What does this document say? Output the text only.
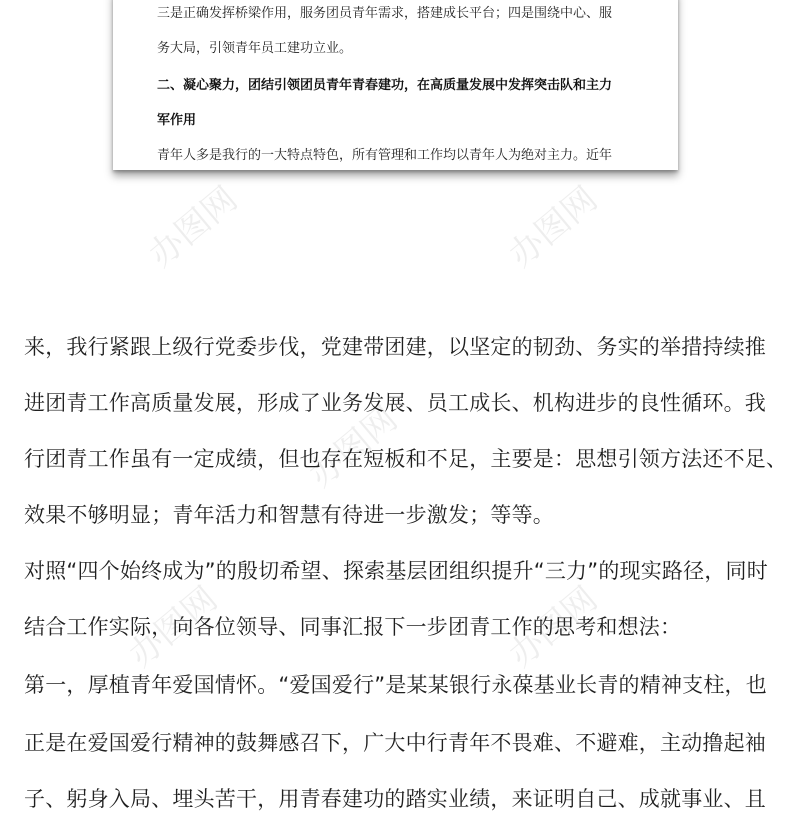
办图网	办图网
办图网
办图网	办图网
三是正确发挥桥梁作用，服务团员青年需求，搭建成长平台；四是围绕中心、服
务大局，引领青年员工建功立业。
二、凝心聚力，团结引领团员青年青春建功，在高质量发展中发挥突击队和主力
军作用
青年人多是我行的一大特点特色，所有管理和工作均以青年人为绝对主力。近年
来，我行紧跟上级行党委步伐，党建带团建，以坚定的韧劲、务实的举措持续推
进团青工作高质量发展，形成了业务发展、员工成长、机构进步的良性循环。我
行团青工作虽有一定成绩，但也存在短板和不足，主要是：思想引领方法还不足、
效果不够明显；青年活力和智慧有待进一步激发；等等。
对照“四个始终成为”的殷切希望、探索基层团组织提升“三力”的现实路径，同时
结合工作实际，向各位领导、同事汇报下一步团青工作的思考和想法：
第一，厚植青年爱国情怀。“爱国爱行”是某某银行永葆基业长青的精神支柱，也
正是在爱国爱行精神的鼓舞感召下，广大中行青年不畏难、不避难，主动撸起袖
子、躬身入局、埋头苦干，用青春建功的踏实业绩，来证明自己、成就事业、且
